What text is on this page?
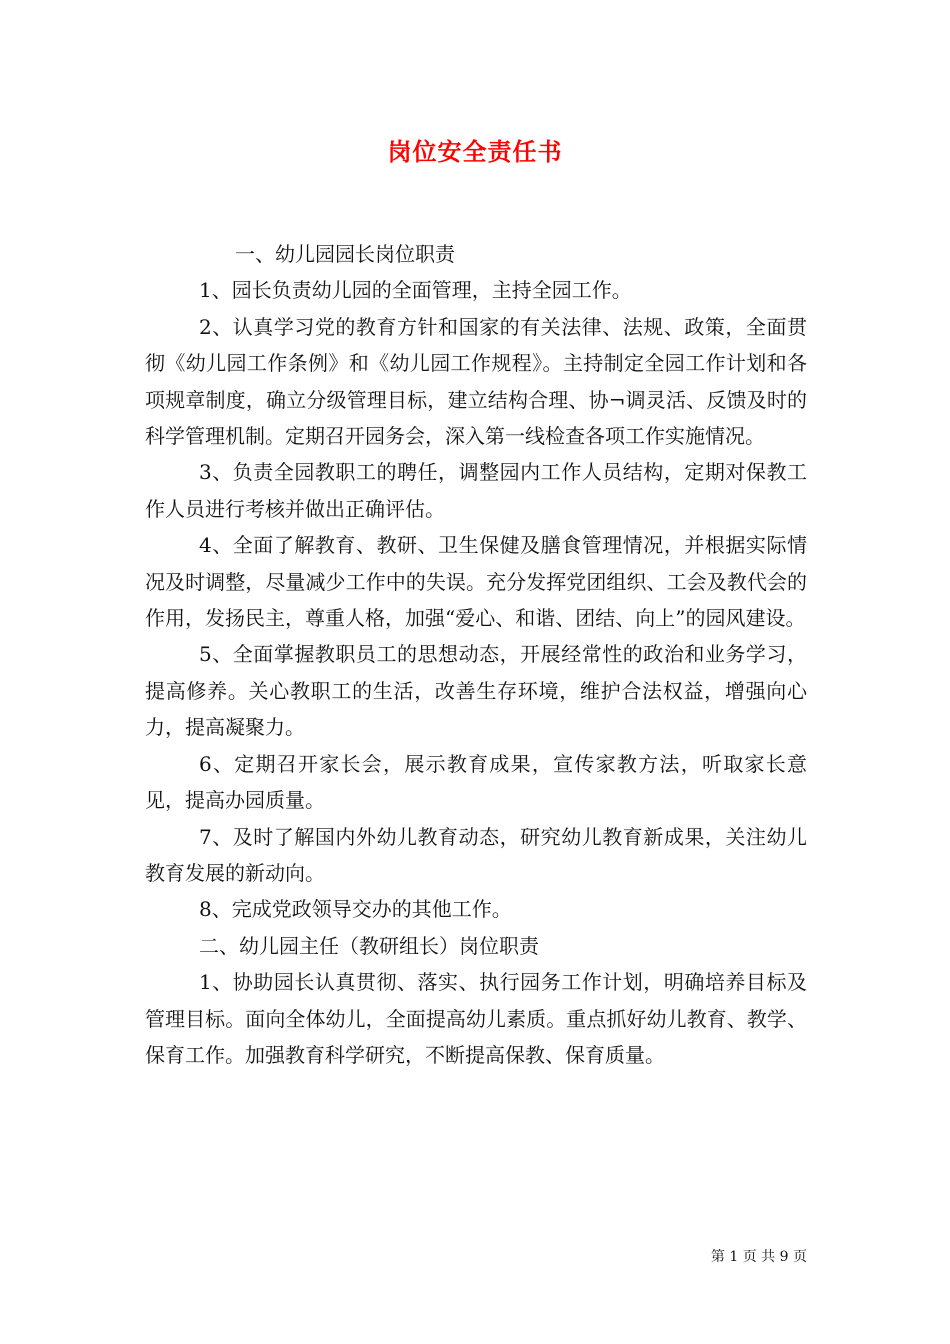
岗位安全责任书

一、幼儿园园长岗位职责

1、园长负责幼儿园的全面管理，主持全园工作。

2、认真学习党的教育方针和国家的有关法律、法规、政策，全面贯彻《幼儿园工作条例》和《幼儿园工作规程》。主持制定全园工作计划和各项规章制度，确立分级管理目标，建立结构合理、协¬调灵活、反馈及时的科学管理机制。定期召开园务会，深入第一线检查各项工作实施情况。

3、负责全园教职工的聘任，调整园内工作人员结构，定期对保教工作人员进行考核并做出正确评估。

4、全面了解教育、教研、卫生保健及膳食管理情况，并根据实际情况及时调整，尽量减少工作中的失误。充分发挥党团组织、工会及教代会的作用，发扬民主，尊重人格，加强“爱心、和谐、团结、向上”的园风建设。

5、全面掌握教职员工的思想动态，开展经常性的政治和业务学习，提高修养。关心教职工的生活，改善生存环境，维护合法权益，增强向心力，提高凝聚力。

6、定期召开家长会，展示教育成果，宣传家教方法，听取家长意见，提高办园质量。

7、及时了解国内外幼儿教育动态，研究幼儿教育新成果，关注幼儿教育发展的新动向。

8、完成党政领导交办的其他工作。

二、幼儿园主任（教研组长）岗位职责

1、协助园长认真贯彻、落实、执行园务工作计划，明确培养目标及管理目标。面向全体幼儿，全面提高幼儿素质。重点抓好幼儿教育、教学、保育工作。加强教育科学研究，不断提高保教、保育质量。

第 1 页 共 9 页
